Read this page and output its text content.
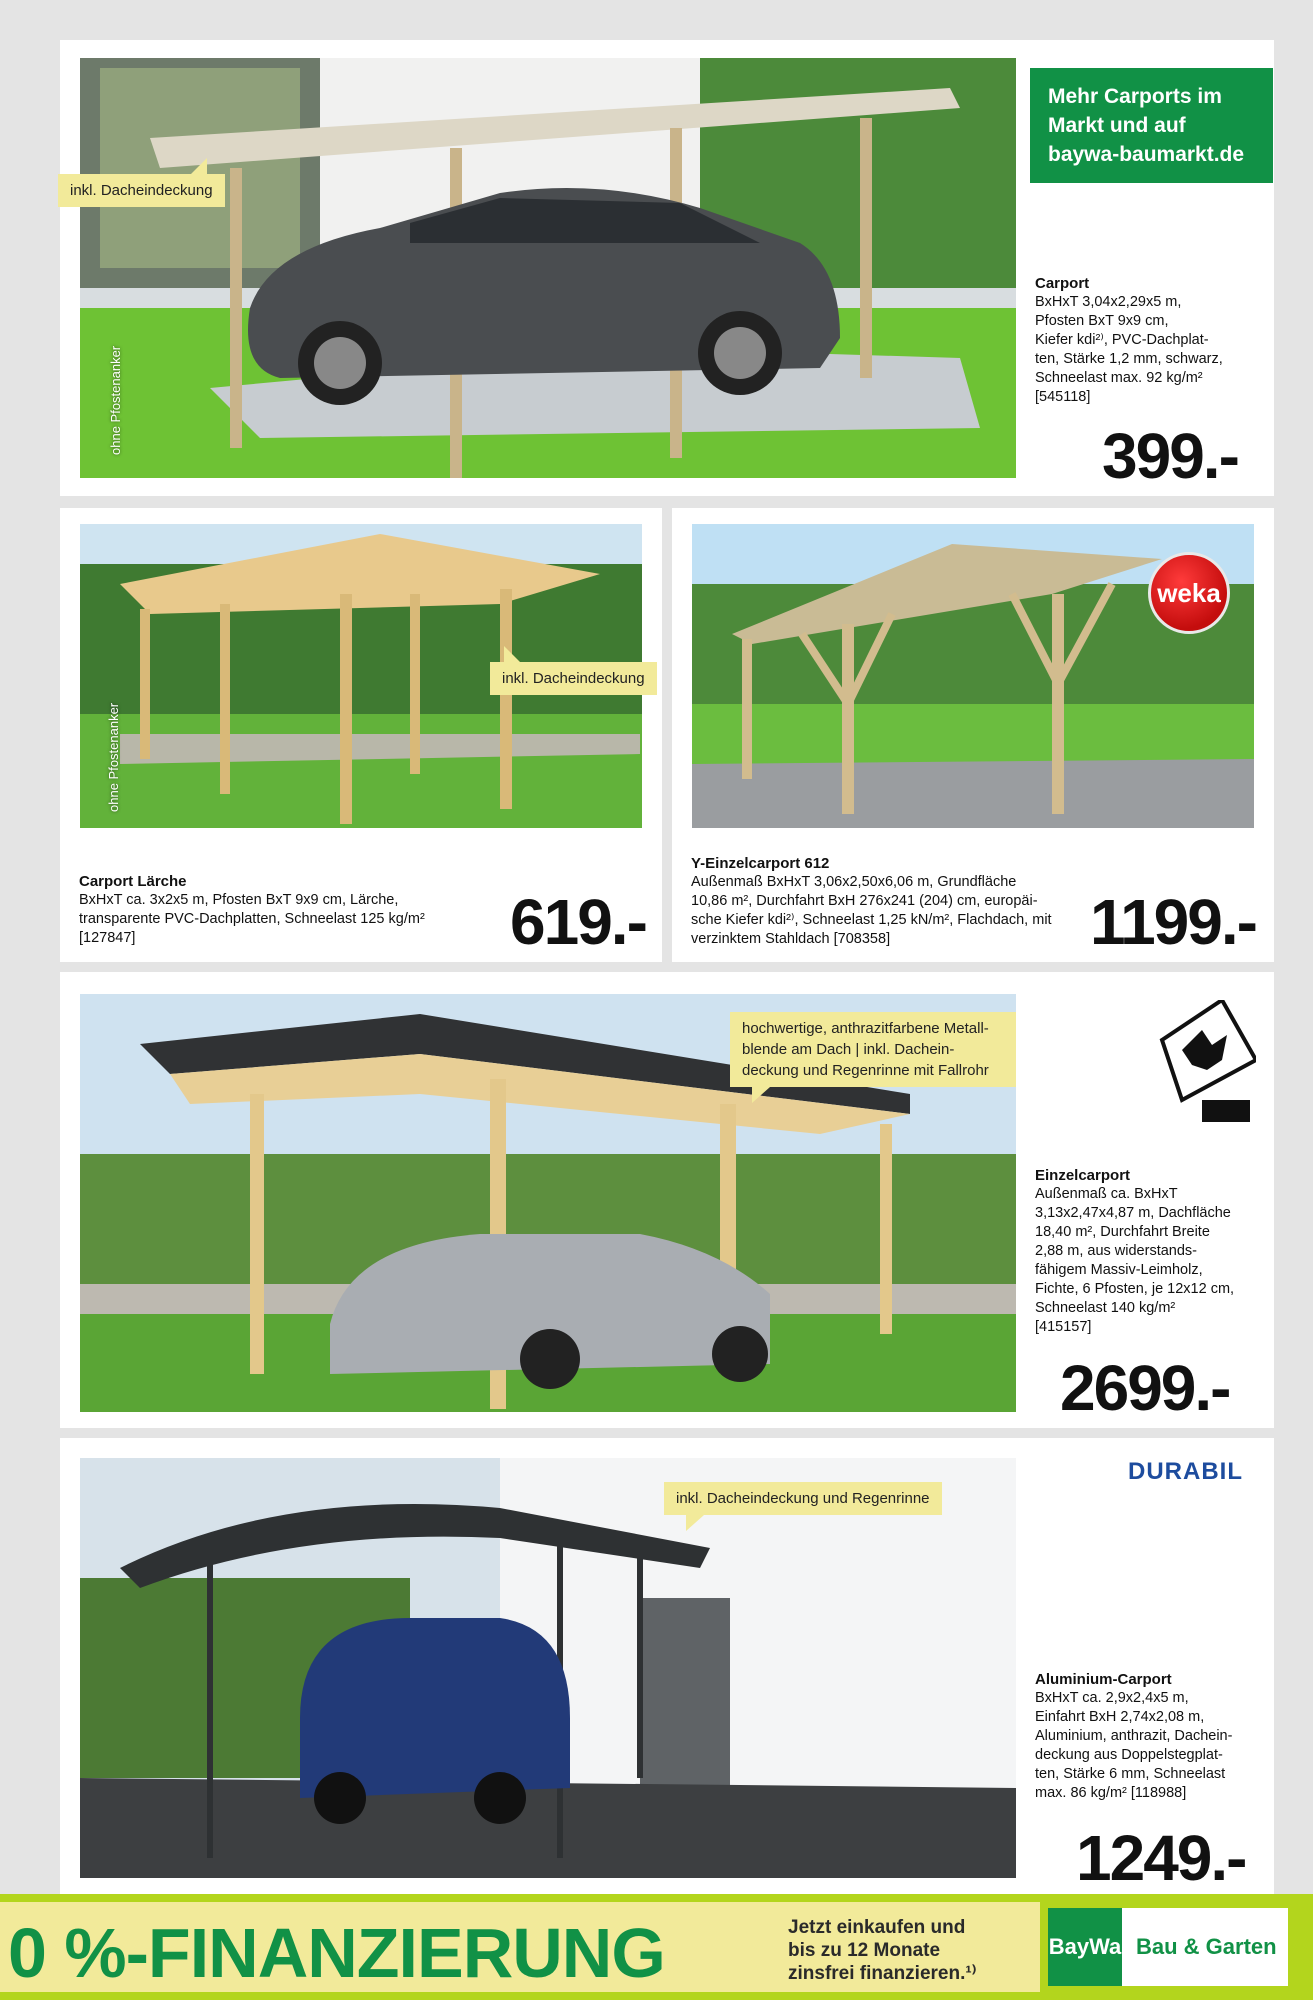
inkl. Dacheindeckung
ohne Pfostenanker
Mehr Carports im
Markt und auf
baywa-baumarkt.de
Carport
BxHxT 3,04x2,29x5 m,
Pfosten BxT 9x9 cm,
Kiefer kdi²⁾, PVC-Dachplat-
ten, Stärke 1,2 mm, schwarz,
Schneelast max. 92 kg/m²
[545118]
399.-
inkl. Dacheindeckung
ohne Pfostenanker
Carport Lärche
BxHxT ca. 3x2x5 m, Pfosten BxT 9x9 cm, Lärche,
transparente PVC-Dachplatten, Schneelast 125 kg/m²
[127847]	619.-
weka
Y-Einzelcarport 612
Außenmaß BxHxT 3,06x2,50x6,06 m, Grundfläche
10,86 m², Durchfahrt BxH 276x241 (204) cm, europäi-
sche Kiefer kdi²⁾, Schneelast 1,25 kN/m², Flachdach, mit
verzinktem Stahldach [708358]	1199.-
hochwertige, anthrazitfarbene Metall-
blende am Dach | inkl. Dachein-
deckung und Regenrinne mit Fallrohr
Einzelcarport
Außenmaß ca. BxHxT
3,13x2,47x4,87 m, Dachfläche
18,40 m², Durchfahrt Breite
2,88 m, aus widerstands-
fähigem Massiv-Leimholz,
Fichte, 6 Pfosten, je 12x12 cm,
Schneelast 140 kg/m²
[415157]
2699.-
inkl. Dacheindeckung und Regenrinne
DURABIL
Aluminium-Carport
BxHxT ca. 2,9x2,4x5 m,
Einfahrt BxH 2,74x2,08 m,
Aluminium, anthrazit, Dachein-
deckung aus Doppelstegplat-
ten, Stärke 6 mm, Schneelast
max. 86 kg/m² [118988]
1249.-
0 %-FINANZIERUNG	Jetzt einkaufen und
bis zu 12 Monate
zinsfrei finanzieren.¹⁾
BayWa Bau & Garten
